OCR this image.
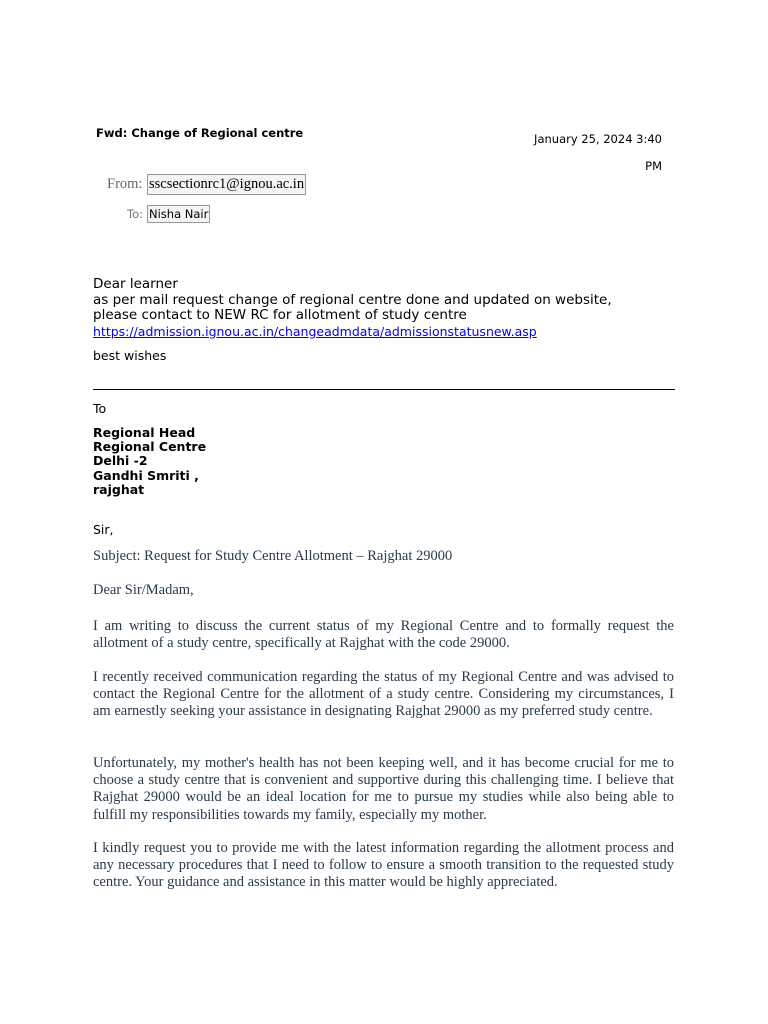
Fwd: Change of Regional centre	January 25, 2024 3:40 PM
From: sscsectionrc1@ignou.ac.in
To: Nisha Nair
Dear learner
as per mail request change of regional centre done and updated on website,
please contact to NEW RC for allotment of study centre
https://admission.ignou.ac.in/changeadmdata/admissionstatusnew.asp
best wishes
To
Regional Head
Regional Centre
Delhi -2
Gandhi Smriti ,
rajghat
Sir,
Subject: Request for Study Centre Allotment – Rajghat 29000
Dear Sir/Madam,
I am writing to discuss the current status of my Regional Centre and to formally request the allotment of a study centre, specifically at Rajghat with the code 29000.
I recently received communication regarding the status of my Regional Centre and was advised to contact the Regional Centre for the allotment of a study centre. Considering my circumstances, I am earnestly seeking your assistance in designating Rajghat 29000 as my preferred study centre.
Unfortunately, my mother's health has not been keeping well, and it has become crucial for me to choose a study centre that is convenient and supportive during this challenging time. I believe that Rajghat 29000 would be an ideal location for me to pursue my studies while also being able to fulfill my responsibilities towards my family, especially my mother.
I kindly request you to provide me with the latest information regarding the allotment process and any necessary procedures that I need to follow to ensure a smooth transition to the requested study centre. Your guidance and assistance in this matter would be highly appreciated.
